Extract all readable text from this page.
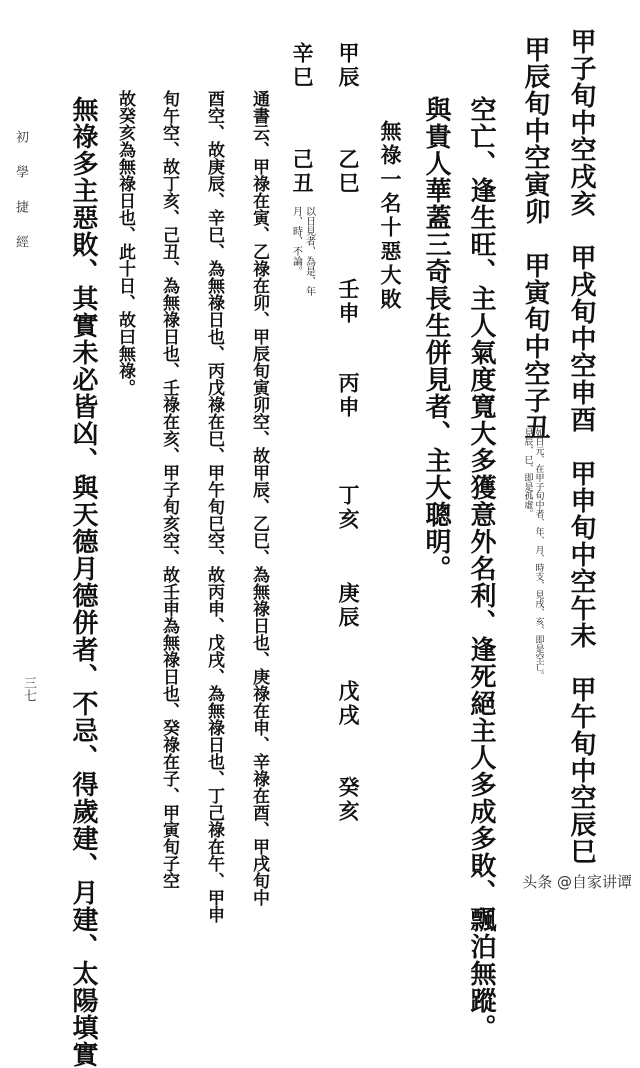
甲子旬中空戌亥　甲戌旬中空申酉　甲申旬中空午未　甲午旬中空辰巳
甲辰旬中空寅卯　甲寅旬中空子丑
如日元、在甲子旬中者、年、月、時支、見戌、亥、即是空亡。
見辰、巳、即是孤虛。
空亡、逢生旺、主人氣度寬大多獲意外名利、逢死絕主人多成多敗、飄泊無蹤。
與貴人華蓋三奇長生併見者、主大聰明。
無祿一名十惡大敗
甲辰
乙巳
壬申
丙申
丁亥
庚辰
戊戌
癸亥
辛巳
己丑
以日見者、為是、年
月、時、不論。
通書云、甲祿在寅、乙祿在卯、甲辰旬寅卯空、故甲辰、乙巳、為無祿日也、庚祿在申、辛祿在酉、甲戌旬中
酉空、故庚辰、辛巳、為無祿日也、丙戊祿在巳、甲午旬巳空、故丙申、戊戌、為無祿日也、丁己祿在午、甲申
旬午空、故丁亥、己丑、為無祿日也、壬祿在亥、甲子旬亥空、故壬申為無祿日也、癸祿在子、甲寅旬子空
故癸亥為無祿日也、此十日、故曰無祿。
無祿多主惡敗、其實未必皆凶、與天德月德併者、不忌、得歲建、月建、太陽填實
初學捷經
三七
头条 @自家讲谭
